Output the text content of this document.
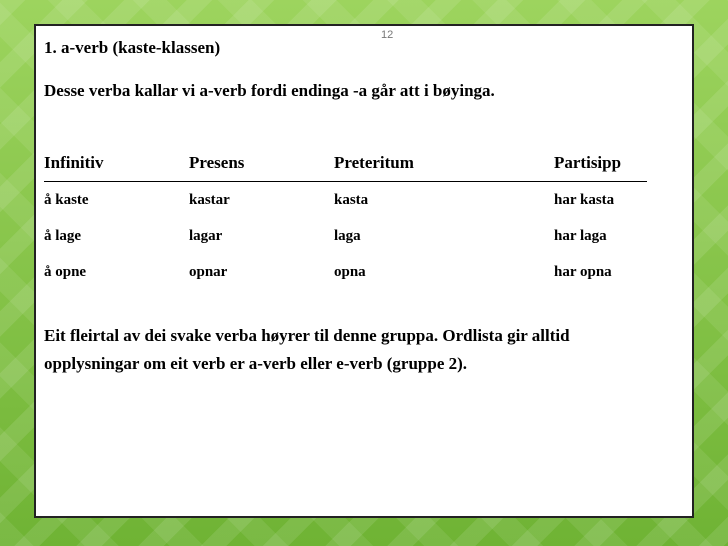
12
1. a-verb (kaste-klassen)
Desse verba kallar vi a-verb fordi endinga -a går att i bøyinga.
Infinitiv	Presens	Preteritum	Partisipp
å kaste	kastar	kasta	har kasta
å lage	lagar	laga	har laga
å opne	opnar	opna	har opna
Eit fleirtal av dei svake verba høyrer til denne gruppa. Ordlista gir alltid
opplysningar om eit verb er a-verb eller e-verb (gruppe 2).
